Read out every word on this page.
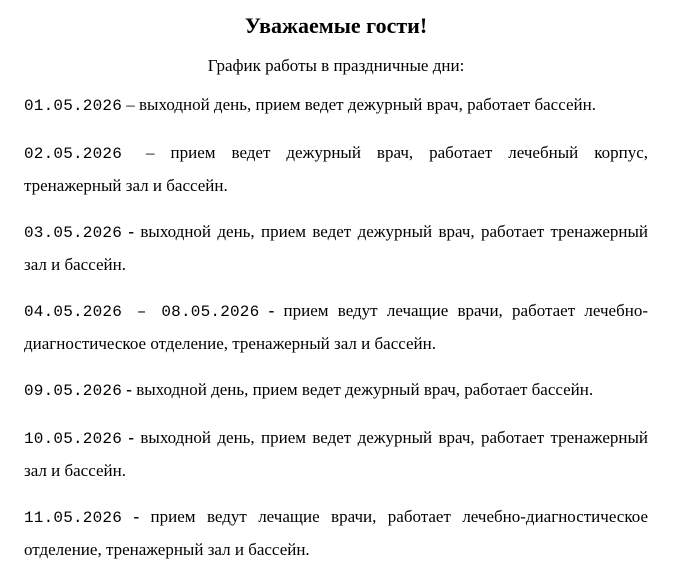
Уважаемые гости!

График работы в праздничные дни:

01.05.2026 – выходной день, прием ведет дежурный врач, работает бассейн.

02.05.2026 – прием ведет дежурный врач, работает лечебный корпус, тренажерный зал и бассейн.

03.05.2026 - выходной день, прием ведет дежурный врач, работает тренажерный зал и бассейн.

04.05.2026 – 08.05.2026 - прием ведут лечащие врачи, работает лечебно-диагностическое отделение, тренажерный зал и бассейн.

09.05.2026 - выходной день, прием ведет дежурный врач, работает бассейн.

10.05.2026 - выходной день, прием ведет дежурный врач, работает тренажерный зал и бассейн.

11.05.2026 - прием ведут лечащие врачи, работает лечебно-диагностическое отделение, тренажерный зал и бассейн.
